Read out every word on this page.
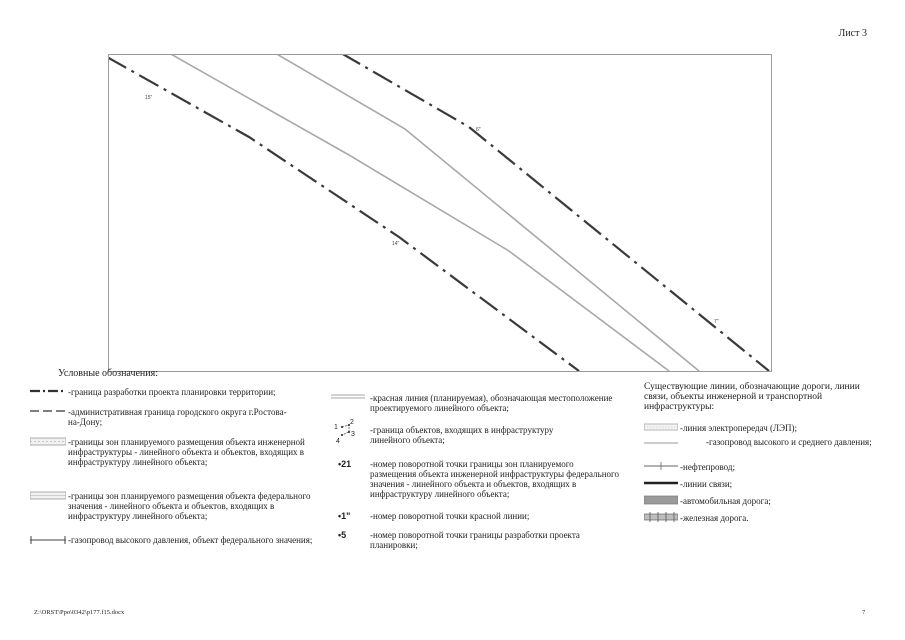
Лист 3
15"
6"
14"
7"
Условные обозначения:
-граница разработки проекта планировки территории;
-административная граница городского округа г.Ростова-на-Дону;
-границы зон планируемого размещения объекта инженерной инфраструктуры - линейного объекта и объектов, входящих в инфраструктуру линейного объекта;
-границы зон планируемого размещения объекта федерального значения - линейного объекта и объектов, входящих в инфраструктуру линейного объекта;
-газопровод высокого давления, объект федерального значения;
-красная линия (планируемая), обозначающая местоположение проектируемого линейного объекта;
1
2
3
4
-граница объектов, входящих в инфраструктуру линейного объекта;
•21 -номер поворотной точки границы зон планируемого размещения объекта инженерной инфраструктуры федерального значения - линейного объекта и объектов, входящих в инфраструктуру линейного объекта;
•1" -номер поворотной точки красной линии;
•5	-номер поворотной точки границы разработки проекта планировки;
Существующие линии, обозначающие дороги, линии связи, объекты инженерной и транспортной инфраструктуры:
-линия электропередач (ЛЭП);
-газопровод высокого и среднего давления;
-нефтепровод;
-линии связи;
-автомобильная дорога;
-железная дорога.
Z:\ORST\Ppo\0342\p177.f15.docx	7
